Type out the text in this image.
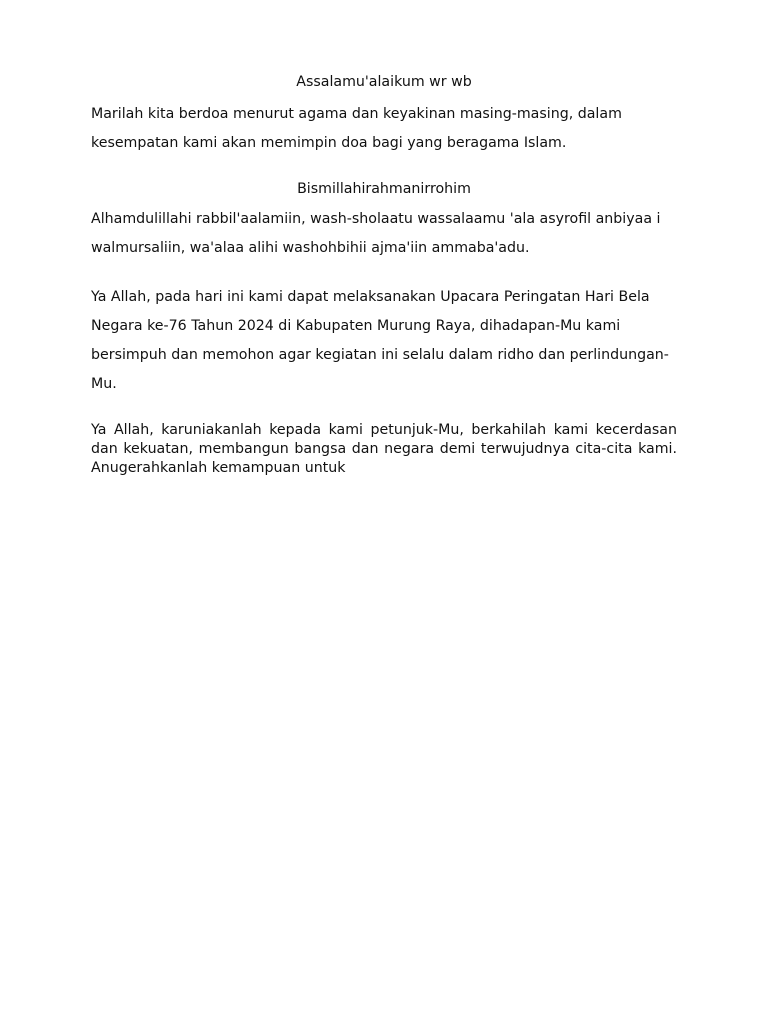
Assalamu'alaikum wr wb

Marilah kita berdoa menurut agama dan keyakinan masing-masing, dalam kesempatan kami akan memimpin doa bagi yang beragama Islam.

Bismillahirahmanirrohim

Alhamdulillahi rabbil'aalamiin, wash-sholaatu wassalaamu 'ala asyrofil anbiyaa i walmursaliin, wa'alaa alihi washohbihii ajma'iin ammaba'adu.

Ya Allah, pada hari ini kami dapat melaksanakan Upacara Peringatan Hari Bela Negara ke-76 Tahun 2024 di Kabupaten Murung Raya, dihadapan-Mu kami bersimpuh dan memohon agar kegiatan ini selalu dalam ridho dan perlindungan-Mu.

Ya Allah, karuniakanlah kepada kami petunjuk-Mu, berkahilah kami kecerdasan dan kekuatan, membangun bangsa dan negara demi terwujudnya cita-cita kami. Anugerahkanlah kemampuan untuk
